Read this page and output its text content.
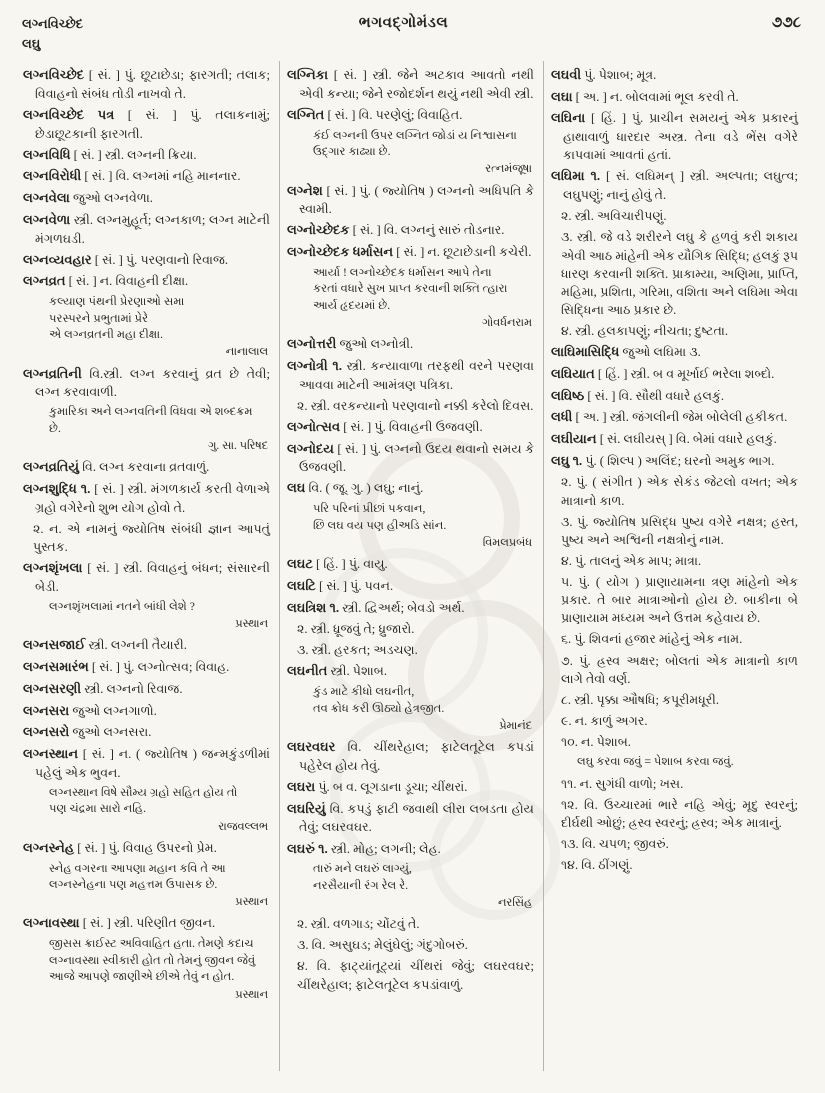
લગ્નવિચ્છેદ
લઘુ
ભગવદ્ગોમંડલ	૭૭૮

લગ્નવિચ્છેદ [ સં. ] પું. છૂટાછેડા; ફારગતી; તલાક; વિવાહનો સંબંધ તોડી નાખવો તે.

લગ્નવિચ્છેદ પત્ર [ સં. ] પું. તલાકનામું; છેડાછૂટકાની ફારગતી.

લગ્નવિધિ [ સં. ] સ્ત્રી. લગ્નની ક્રિયા.

લગ્નવિરોધી [ સં. ] વિ. લગ્નમાં નહિ માનનાર.

લગ્નવેલા જુઓ લગ્નવેળા.

લગ્નવેળા સ્ત્રી. લગ્નમુહૂર્ત; લગ્નકાળ; લગ્ન માટેની મંગળઘડી.

લગ્નવ્યવહાર [ સં. ] પું. પરણવાનો રિવાજ.

લગ્નવ્રત [ સં. ] ન. વિવાહની દીક્ષા.

કલ્યાણ પંથની પ્રેરણાઓ સમા
પરસ્પરને પ્રભુતામાં પ્રેરે
એ લગ્નવ્રતની મહા દીક્ષા.
નાનાલાલ

લગ્નવ્રતિની વિ.સ્ત્રી. લગ્ન કરવાનું વ્રત છે તેવી; લગ્ન કરવાવાળી.

કુમારિકા અને લગ્નવતિની વિધવા એ શબ્દક્રમ
છે.
ગુ. સા. પરિષદ

લગ્નવ્રતિયું વિ. લગ્ન કરવાના વ્રતવાળું.

લગ્નશુદ્ધિ ૧. [ સં. ] સ્ત્રી. મંગળકાર્ય કરતી વેળાએ ગ્રહો વગેરેનો શુભ યોગ હોવો તે.

૨. ન. એ નામનું જ્યોતિષ સંબંધી જ્ઞાન આપતું પુસ્તક.

લગ્નશૃંખલા [ સં. ] સ્ત્રી. વિવાહનું બંધન; સંસારની બેડી.

લગ્નશૃંખલામાં નતને બાંધી લેશે ?
પ્રસ્થાન

લગ્નસજાઈ સ્ત્રી. લગ્નની તૈયારી.

લગ્નસમારંભ [ સં. ] પું. લગ્નોત્સવ; વિવાહ.

લગ્નસરણી સ્ત્રી. લગ્નનો રિવાજ.

લગ્નસરા જુઓ લગ્નગાળો.

લગ્નસરો જુઓ લગ્નસરા.

લગ્નસ્થાન [ સં. ] ન. ( જ્યોતિષ ) જન્મકુંડળીમાં પહેલું એક ભુવન.

લગ્નસ્થાન વિષે સૌમ્ય ગ્રહો સહિત હોય તો
પણ ચંદ્રમા સારો નહિ.
રાજવલ્લભ

લગ્નસ્નેહ [ સં. ] પું. વિવાહ ઉપરનો પ્રેમ.

સ્નેહ વગરના આપણા મહાન કવિ તે આ
લગ્નસ્નેહના પણ મહત્તમ ઉપાસક છે.
પ્રસ્થાન

લગ્નાવસ્થા [ સં. ] સ્ત્રી. પરિણીત જીવન.

જીસસ ક્રાઈસ્ટ અવિવાહિત હતા. તેમણે કદાચ
લગ્નાવસ્થા સ્વીકારી હોત તો તેમનું જીવન જેવું
આજે આપણે જાણીએ છીએ તેવું ન હોત.
પ્રસ્થાન

લગ્નિકા [ સં. ] સ્ત્રી. જેને અટકાવ આવતો નથી એવી કન્યા; જેને રજોદર્શન થયું નથી એવી સ્ત્રી.

લગ્નિત [ સં. ] વિ. પરણેલું; વિવાહિત.

કંઈ લગ્નની ઉપર લગ્નિત જોડાં ય નિશ્વાસના
ઉદ્ગાર કાઢ્યા છે.
રત્નમંજૂષા

લગ્નેશ [ સં. ] પું. ( જ્યોતિષ ) લગ્નનો અધિપતિ કે સ્વામી.

લગ્નોચ્છેદક [ સં. ] વિ. લગ્નનું સારું તોડનાર.

લગ્નોચ્છેદક ધર્માસન [ સં. ] ન. છૂટાછેડાની કચેરી.

આર્યા ! લગ્નોચ્છેદક ધર્માસન આપે તેના
કરતાં વધારે સુખ પ્રાપ્ત કરવાની શક્તિ ત્હારા
આર્ય હૃદયમાં છે.
ગોવર્ધનરામ

લગ્નોત્તરી જુઓ લગ્નોત્રી.

લગ્નોત્રી ૧. સ્ત્રી. કન્યાવાળા તરફથી વરને પરણવા આવવા માટેની આમંત્રણ પત્રિકા.

૨. સ્ત્રી. વરકન્યાનો પરણવાનો નક્કી કરેલો દિવસ.

લગ્નોત્સવ [ સં. ] પું. વિવાહની ઉજવણી.

લગ્નોદય [ સં. ] પું. લગ્નનો ઉદય થવાનો સમય કે ઉજવણી.

લઘ વિ. ( જૂ. ગુ. ) લઘુ; નાનું.

પરિ પરિનાં પ્રીછાં પકવાન,
છિ લઘ વય પણ હીઅડિ સાંન.
વિમલપ્રબંધ

લઘટ [ હિં. ] પું. વાયુ.

લઘટિ [ સં. ] પું. પવન.

લઘત્રિશ ૧. સ્ત્રી. દ્વિઅર્થ; બેવડો અર્થ.

૨. સ્ત્રી. ધ્રૂજવું તે; ધ્રુજારો.

૩. સ્ત્રી. હરકત; અડચણ.

લઘનીત સ્ત્રી. પેશાબ.

કુંડ માટે કીધો લઘનીત,
તવ ક્રોધ કરી ઊઠ્યો હેત્રજીત.
પ્રેમાનંદ

લઘરવઘર વિ. ચીંથરેહાલ; ફાટેલતૂટેલ કપડાં પહેરેલ હોય તેવું.

લઘરા પું. બ વ. લૂગડાના ડૂચા; ચીંથરાં.

લઘરિયું વિ. કપડું ફાટી જવાથી લીરા લબડતા હોય તેવું; લઘરવઘર.

લઘરું ૧. સ્ત્રી. મોહ; લગની; લેહ.

તારું મને લઘરું લાગ્યું,
નરસૈયાની રંગ રેલ રે.
નરસિંહ

૨. સ્ત્રી. વળગાડ; ચોંટવું તે.

૩. વિ. અસુઘડ; મેલુંઘેલું; ગંદુગોબરું.

૪. વિ. ફાટ્યાંતૂટ્યાં ચીંથરાં જેવું; લઘરવઘર; ચીંથરેહાલ; ફાટેલતૂટેલ કપડાંવાળું.

લઘવી પું. પેશાબ; મૂત્ર.

લઘા [ અ. ] ન. બોલવામાં ભૂલ કરવી તે.

લઘિના [ હિં. ] પું. પ્રાચીન સમયનું એક પ્રકારનું હાથાવાળું ધારદાર અસ્ત્ર. તેના વડે ભેંસ વગેરે કાપવામાં આવતાં હતાં.

લઘિમા ૧. [ સં. લઘિમન્ ] સ્ત્રી. અલ્પતા; લઘુત્વ; લઘુપણું; નાનું હોવું તે.

૨. સ્ત્રી. અવિચારીપણું.

૩. સ્ત્રી. જે વડે શરીરને લઘુ કે હળવું કરી શકાય એવી આઠ માંહેની એક યૌગિક સિદ્ધિ; હલકું રૂપ ધારણ કરવાની શક્તિ. પ્રાકામ્યા, અણિમા, પ્રાપ્તિ, મહિમા, પ્રશિતા, ગરિમા, વશિતા અને લઘિમા એવા સિદ્ધિના આઠ પ્રકાર છે.

૪. સ્ત્રી. હલકાપણું; નીચતા; દુષ્ટતા.

લાઘિમાસિદ્ધિ જુઓ લઘિમા ૩.

લઘિયાત [ હિં. ] સ્ત્રી. બ વ મૂર્ખાઈ ભરેલા શબ્દો.

લઘિષ્ઠ [ સં. ] વિ. સૌથી વધારે હલકું.

લધી [ અ. ] સ્ત્રી. જંગલીની જેમ બોલેલી હકીકત.

લઘીયાન [ સં. લઘીયસ્ ] વિ. બેમાં વધારે હલકું.

લઘુ ૧. પું. ( શિલ્પ ) અલિંદ; ઘરનો અમુક ભાગ.

૨. પું. ( સંગીત ) એક સેકંડ જેટલો વખત; એક માત્રાનો કાળ.

૩. પું. જ્યોતિષ પ્રસિદ્ધ પુષ્ય વગેરે નક્ષત્ર; હસ્ત, પુષ્ય અને અશ્વિની નક્ષત્રોનું નામ.

૪. પું. તાલનું એક માપ; માત્રા.

૫. પું. ( યોગ ) પ્રાણાયામના ત્રણ માંહેનો એક પ્રકાર. તે બાર માત્રાઓનો હોય છે. બાકીના બે પ્રાણાયામ મધ્યમ અને ઉત્તમ કહેવાય છે.

૬. પું. શિવનાં હજાર માંહેનું એક નામ.

૭. પું. હ્રસ્વ અક્ષર; બોલતાં એક માત્રાનો કાળ લાગે તેવો વર્ણ.

૮. સ્ત્રી. પૃક્કા ઔષધિ; કપૂરીમધૂરી.

૯. ન. કાળું અગર.

૧૦. ન. પેશાબ.

લઘુ કરવા જવું = પેશાબ કરવા જવું.

૧૧. ન. સુગંધી વાળો; ખસ.

૧૨. વિ. ઉચ્ચારમાં ભારે નહિ એવું; મૃદુ સ્વરનું; દીર્ઘથી ઓછું; હ્રસ્વ સ્વરનું; હ્રસ્વ; એક માત્રાનું.

૧૩. વિ. ચપળ; જીવરું.

૧૪. વિ. ઠીંગણું.
